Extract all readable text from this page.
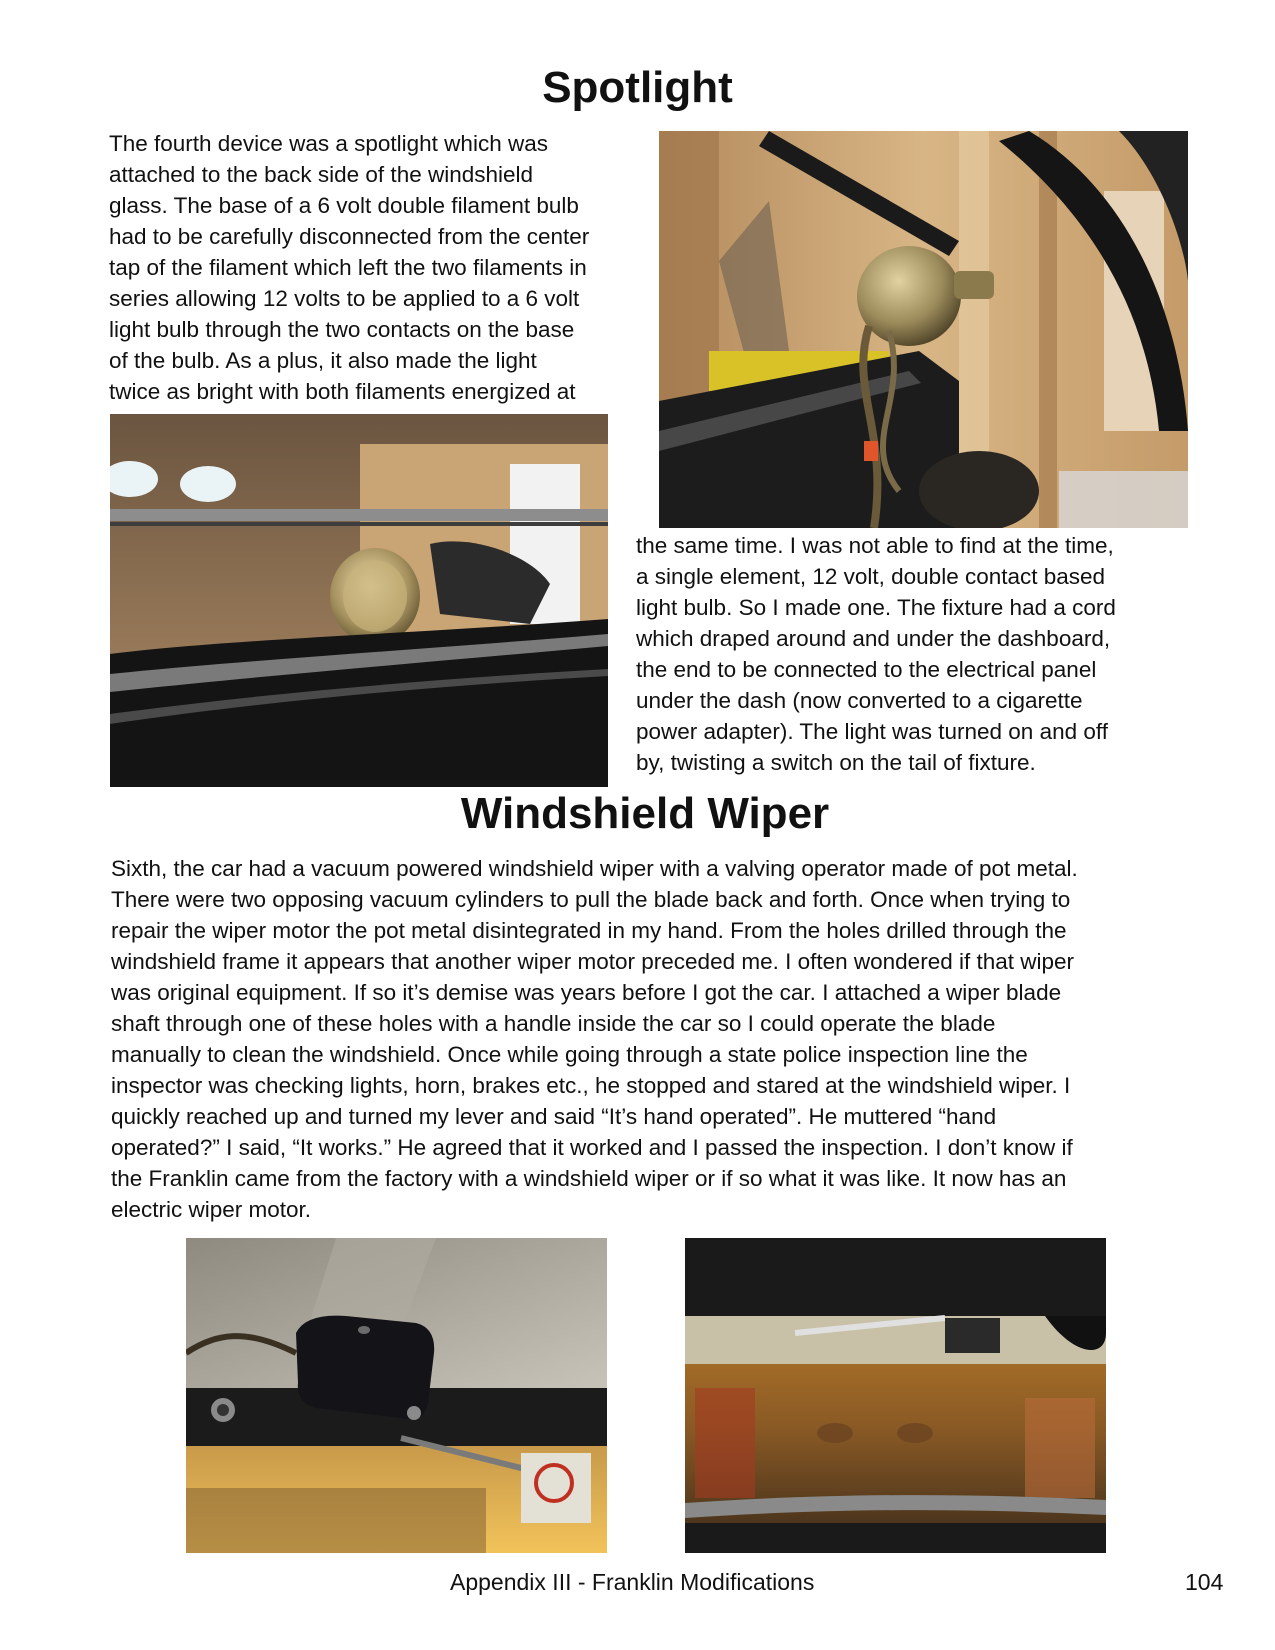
Spotlight
The fourth device was a spotlight which was
attached to the back side of the windshield
glass. The base of a 6 volt double filament bulb
had to be carefully disconnected from the center
tap of the filament which left the two filaments in
series allowing 12 volts to be applied to a 6 volt
light bulb through the two contacts on the base
of the bulb. As a plus, it also made the light
twice as bright with both filaments energized at
the same time. I was not able to find at the time,
a single element, 12 volt, double contact based
light bulb. So I made one. The fixture had a cord
which draped around and under the dashboard,
the end to be connected to the electrical panel
under the dash (now converted to a cigarette
power adapter). The light was turned on and off
by, twisting a switch on the tail of fixture.
Windshield Wiper
Sixth, the car had a vacuum powered windshield wiper with a valving operator made of pot metal.
There were two opposing vacuum cylinders to pull the blade back and forth. Once when trying to
repair the wiper motor the pot metal disintegrated in my hand. From the holes drilled through the
windshield frame it appears that another wiper motor preceded me. I often wondered if that wiper
was original equipment. If so it’s demise was years before I got the car. I attached a wiper blade
shaft through one of these holes with a handle inside the car so I could operate the blade
manually to clean the windshield. Once while going through a state police inspection line the
inspector was checking lights, horn, brakes etc., he stopped and stared at the windshield wiper. I
quickly reached up and turned my lever and said “It’s hand operated”. He muttered “hand
operated?” I said, “It works.” He agreed that it worked and I passed the inspection. I don’t know if
the Franklin came from the factory with a windshield wiper or if so what it was like. It now has an
electric wiper motor.
Appendix III - Franklin Modifications	104
